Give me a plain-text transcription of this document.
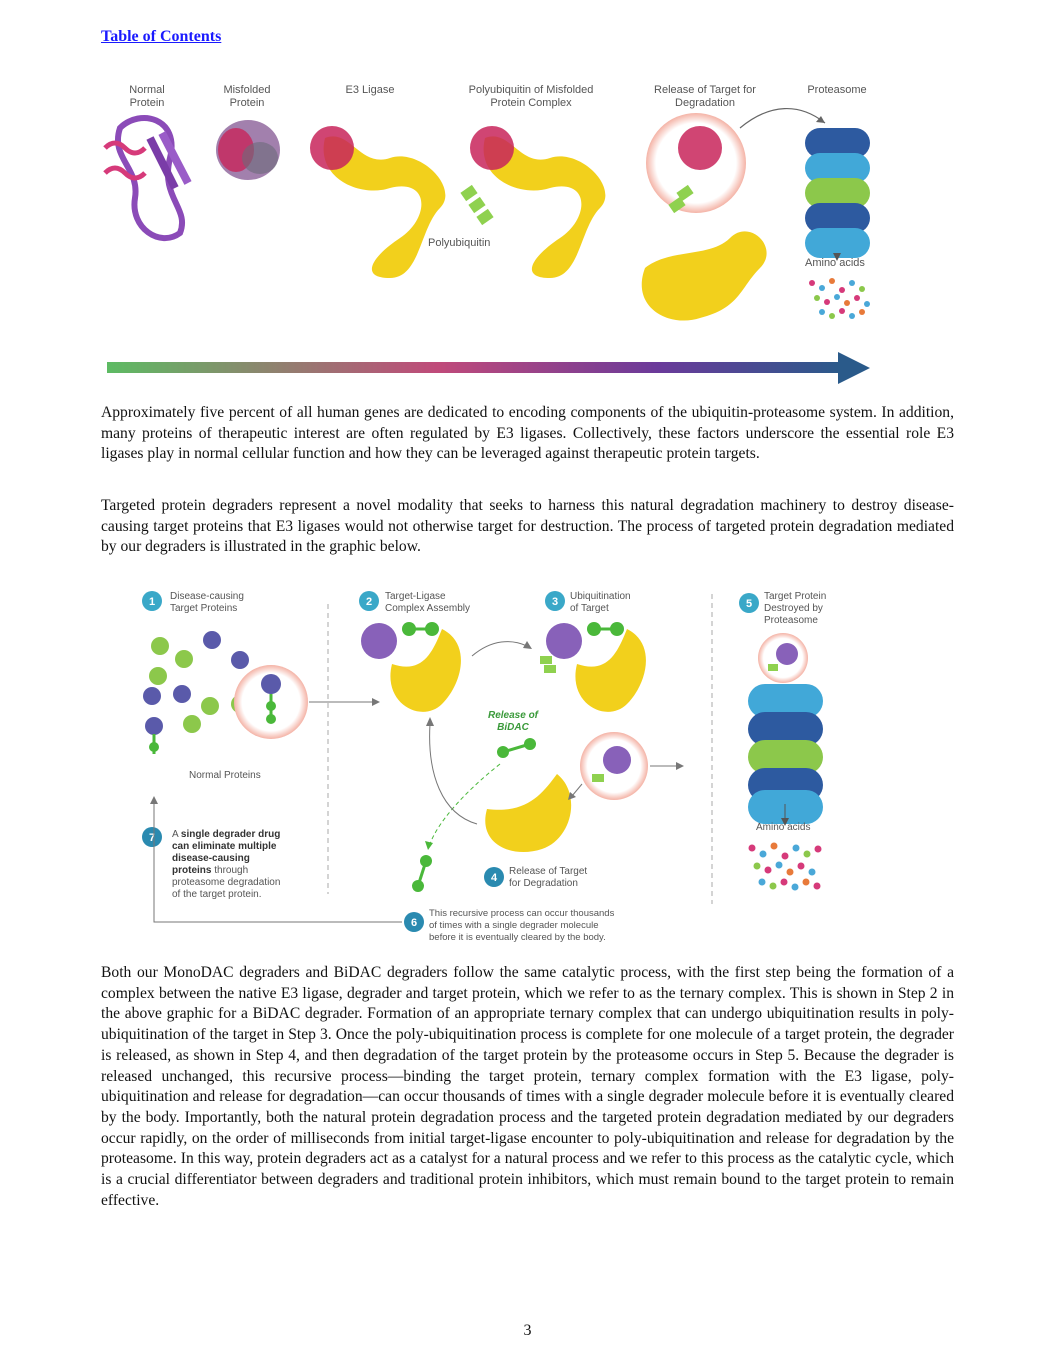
Table of Contents
Normal
Protein
Misfolded
Protein
E3 Ligase	Polyubiquitin of Misfolded
Protein Complex
Release of Target for
Degradation
Proteasome
Polyubiquitin
Amino acids

Approximately five percent of all human genes are dedicated to encoding components of the ubiquitin-proteasome system. In addition, many proteins of therapeutic interest are often regulated by E3 ligases. Collectively, these factors underscore the essential role E3 ligases play in normal cellular function and how they can be leveraged against therapeutic protein targets.

Targeted protein degraders represent a novel modality that seeks to harness this natural degradation machinery to destroy disease-causing target proteins that E3 ligases would not otherwise target for destruction. The process of targeted protein degradation mediated by our degraders is illustrated in the graphic below.

1 Disease-causing
Target Proteins
Normal Proteins
7 A single degrader drug
can eliminate multiple
disease-causing
proteins through
proteasome degradation
of the target protein.
2 Target-Ligase
Complex Assembly
3 Ubiquitination
of Target
Release of
BiDAC
4
Release of Target
for Degradation
6
This recursive process can occur thousands
of times with a single degrader molecule
before it is eventually cleared by the body.
5
Target Protein
Destroyed by
Proteasome
Amino acids

Both our MonoDAC degraders and BiDAC degraders follow the same catalytic process, with the first step being the formation of a complex between the native E3 ligase, degrader and target protein, which we refer to as the ternary complex. This is shown in Step 2 in the above graphic for a BiDAC degrader. Formation of an appropriate ternary complex that can undergo ubiquitination results in poly-ubiquitination of the target in Step 3. Once the poly-ubiquitination process is complete for one molecule of a target protein, the degrader is released, as shown in Step 4, and then degradation of the target protein by the proteasome occurs in Step 5. Because the degrader is released unchanged, this recursive process—binding the target protein, ternary complex formation with the E3 ligase, poly-ubiquitination and release for degradation—can occur thousands of times with a single degrader molecule before it is eventually cleared by the body. Importantly, both the natural protein degradation process and the targeted protein degradation mediated by our degraders occur rapidly, on the order of milliseconds from initial target-ligase encounter to poly-ubiquitination and release for degradation by the proteasome. In this way, protein degraders act as a catalyst for a natural process and we refer to this process as the catalytic cycle, which is a crucial differentiator between degraders and traditional protein inhibitors, which must remain bound to the target protein to remain effective.

3
